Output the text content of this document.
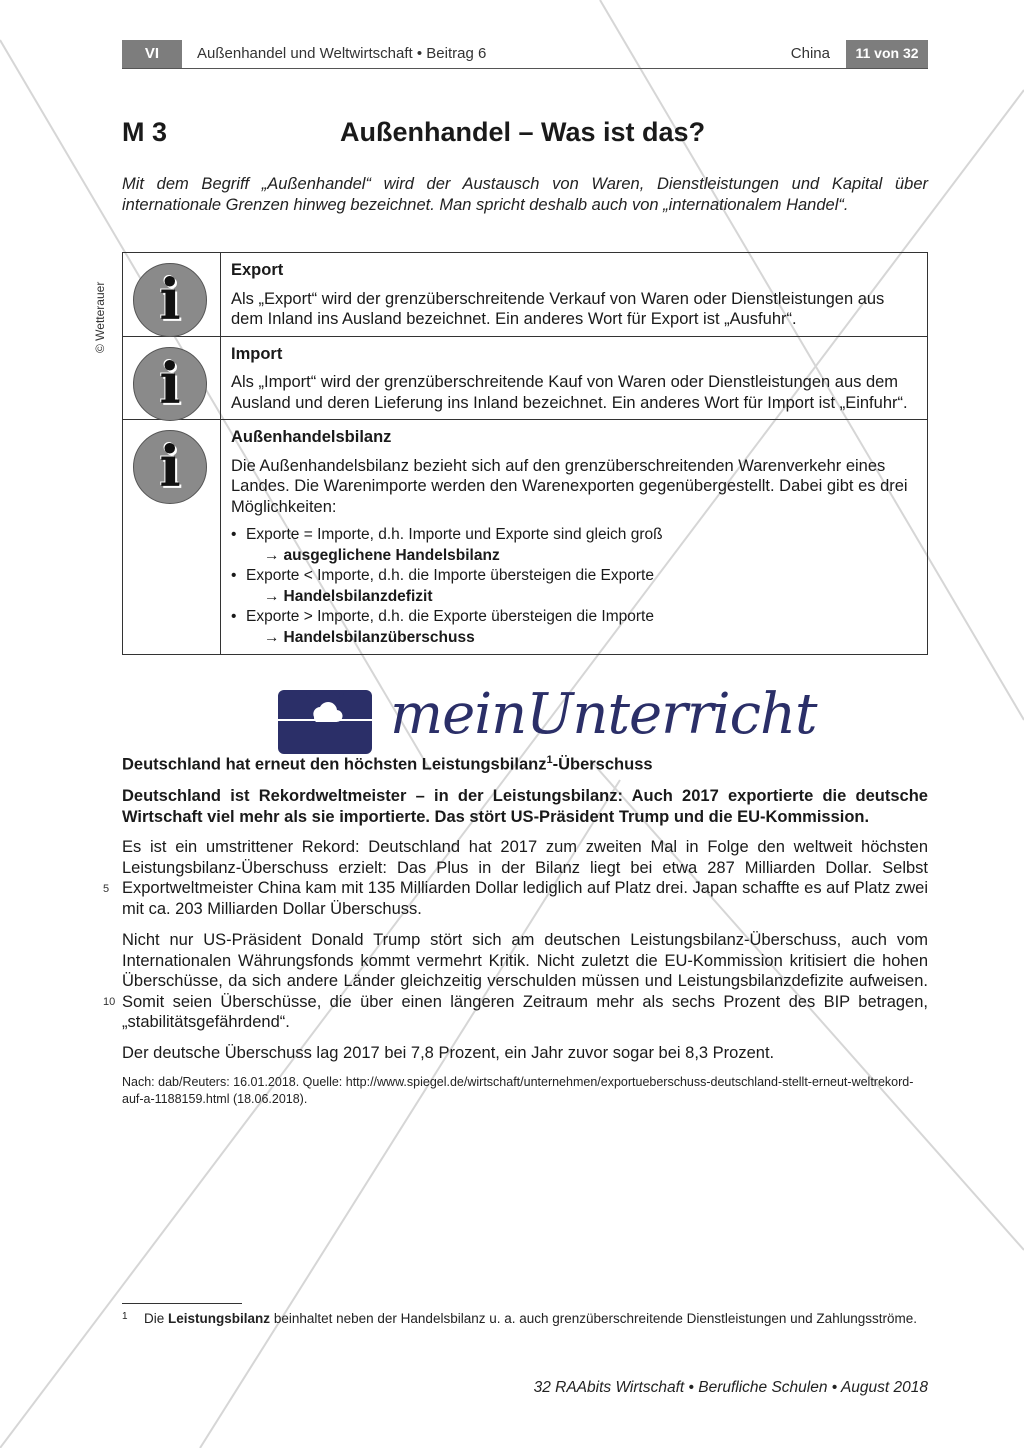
VI	Außenhandel und Weltwirtschaft • Beitrag 6	China	11 von 32
M 3	Außenhandel – Was ist das?
Mit dem Begriff „Außenhandel“ wird der Austausch von Waren, Dienstleistungen und Kapital über internationale Grenzen hinweg bezeichnet. Man spricht deshalb auch von „internationalem Handel“.
© Wetterauer i	Export
Als „Export“ wird der grenzüberschreitende Verkauf von Waren oder Dienstleistungen aus dem Inland ins Ausland bezeichnet. Ein anderes Wort für Export ist „Ausfuhr“.
i	Import
Als „Import“ wird der grenzüberschreitende Kauf von Waren oder Dienstleistungen aus dem Ausland und deren Lieferung ins Inland bezeichnet. Ein anderes Wort für Import ist „Einfuhr“.
i	Außenhandelsbilanz
Die Außenhandelsbilanz bezieht sich auf den grenzüberschreitenden Warenverkehr eines Landes. Die Warenimporte werden den Warenexporten gegenübergestellt. Dabei gibt es drei Möglichkeiten:
• Exporte = Importe, d.h. Importe und Exporte sind gleich groß
→ ausgeglichene Handelsbilanz
• Exporte < Importe, d.h. die Importe übersteigen die Exporte
→ Handelsbilanzdefizit
• Exporte > Importe, d.h. die Exporte übersteigen die Importe
→ Handelsbilanzüberschuss
meinUnterricht
Deutschland hat erneut den höchsten Leistungsbilanz$^1$-Überschuss
Deutschland ist Rekordweltmeister – in der Leistungsbilanz: Auch 2017 exportierte die deutsche Wirtschaft viel mehr als sie importierte. Das stört US-Präsident Trump und die EU-Kommission.
Es ist ein umstrittener Rekord: Deutschland hat 2017 zum zweiten Mal in Folge den weltweit höchsten Leistungsbilanz-Überschuss erzielt: Das Plus in der Bilanz liegt bei etwa 287 Milliarden Dollar. Selbst Exportweltmeister China kam mit 135 Milliarden Dollar lediglich auf Platz drei. Japan schaffte es auf Platz zwei mit ca. 203 Milliarden Dollar Überschuss.
5
Nicht nur US-Präsident Donald Trump stört sich am deutschen Leistungsbilanz-Überschuss, auch vom Internationalen Währungsfonds kommt vermehrt Kritik. Nicht zuletzt die EU-Kommission kritisiert die hohen Überschüsse, da sich andere Länder gleichzeitig verschulden müssen und Leistungsbilanzdefizite aufweisen. Somit seien Überschüsse, die über einen längeren Zeitraum mehr als sechs Prozent des BIP betragen, „stabilitätsgefährdend“.
10
Der deutsche Überschuss lag 2017 bei 7,8 Prozent, ein Jahr zuvor sogar bei 8,3 Prozent.
Nach: dab/Reuters: 16.01.2018. Quelle: http://www.spiegel.de/wirtschaft/unternehmen/exportueberschuss-deutschland-stellt-erneut-weltrekord-auf-a-1188159.html (18.06.2018).
1 Die Leistungsbilanz beinhaltet neben der Handelsbilanz u. a. auch grenzüberschreitende Dienstleistungen und Zahlungsströme.
32 RAAbits Wirtschaft • Berufliche Schulen • August 2018
